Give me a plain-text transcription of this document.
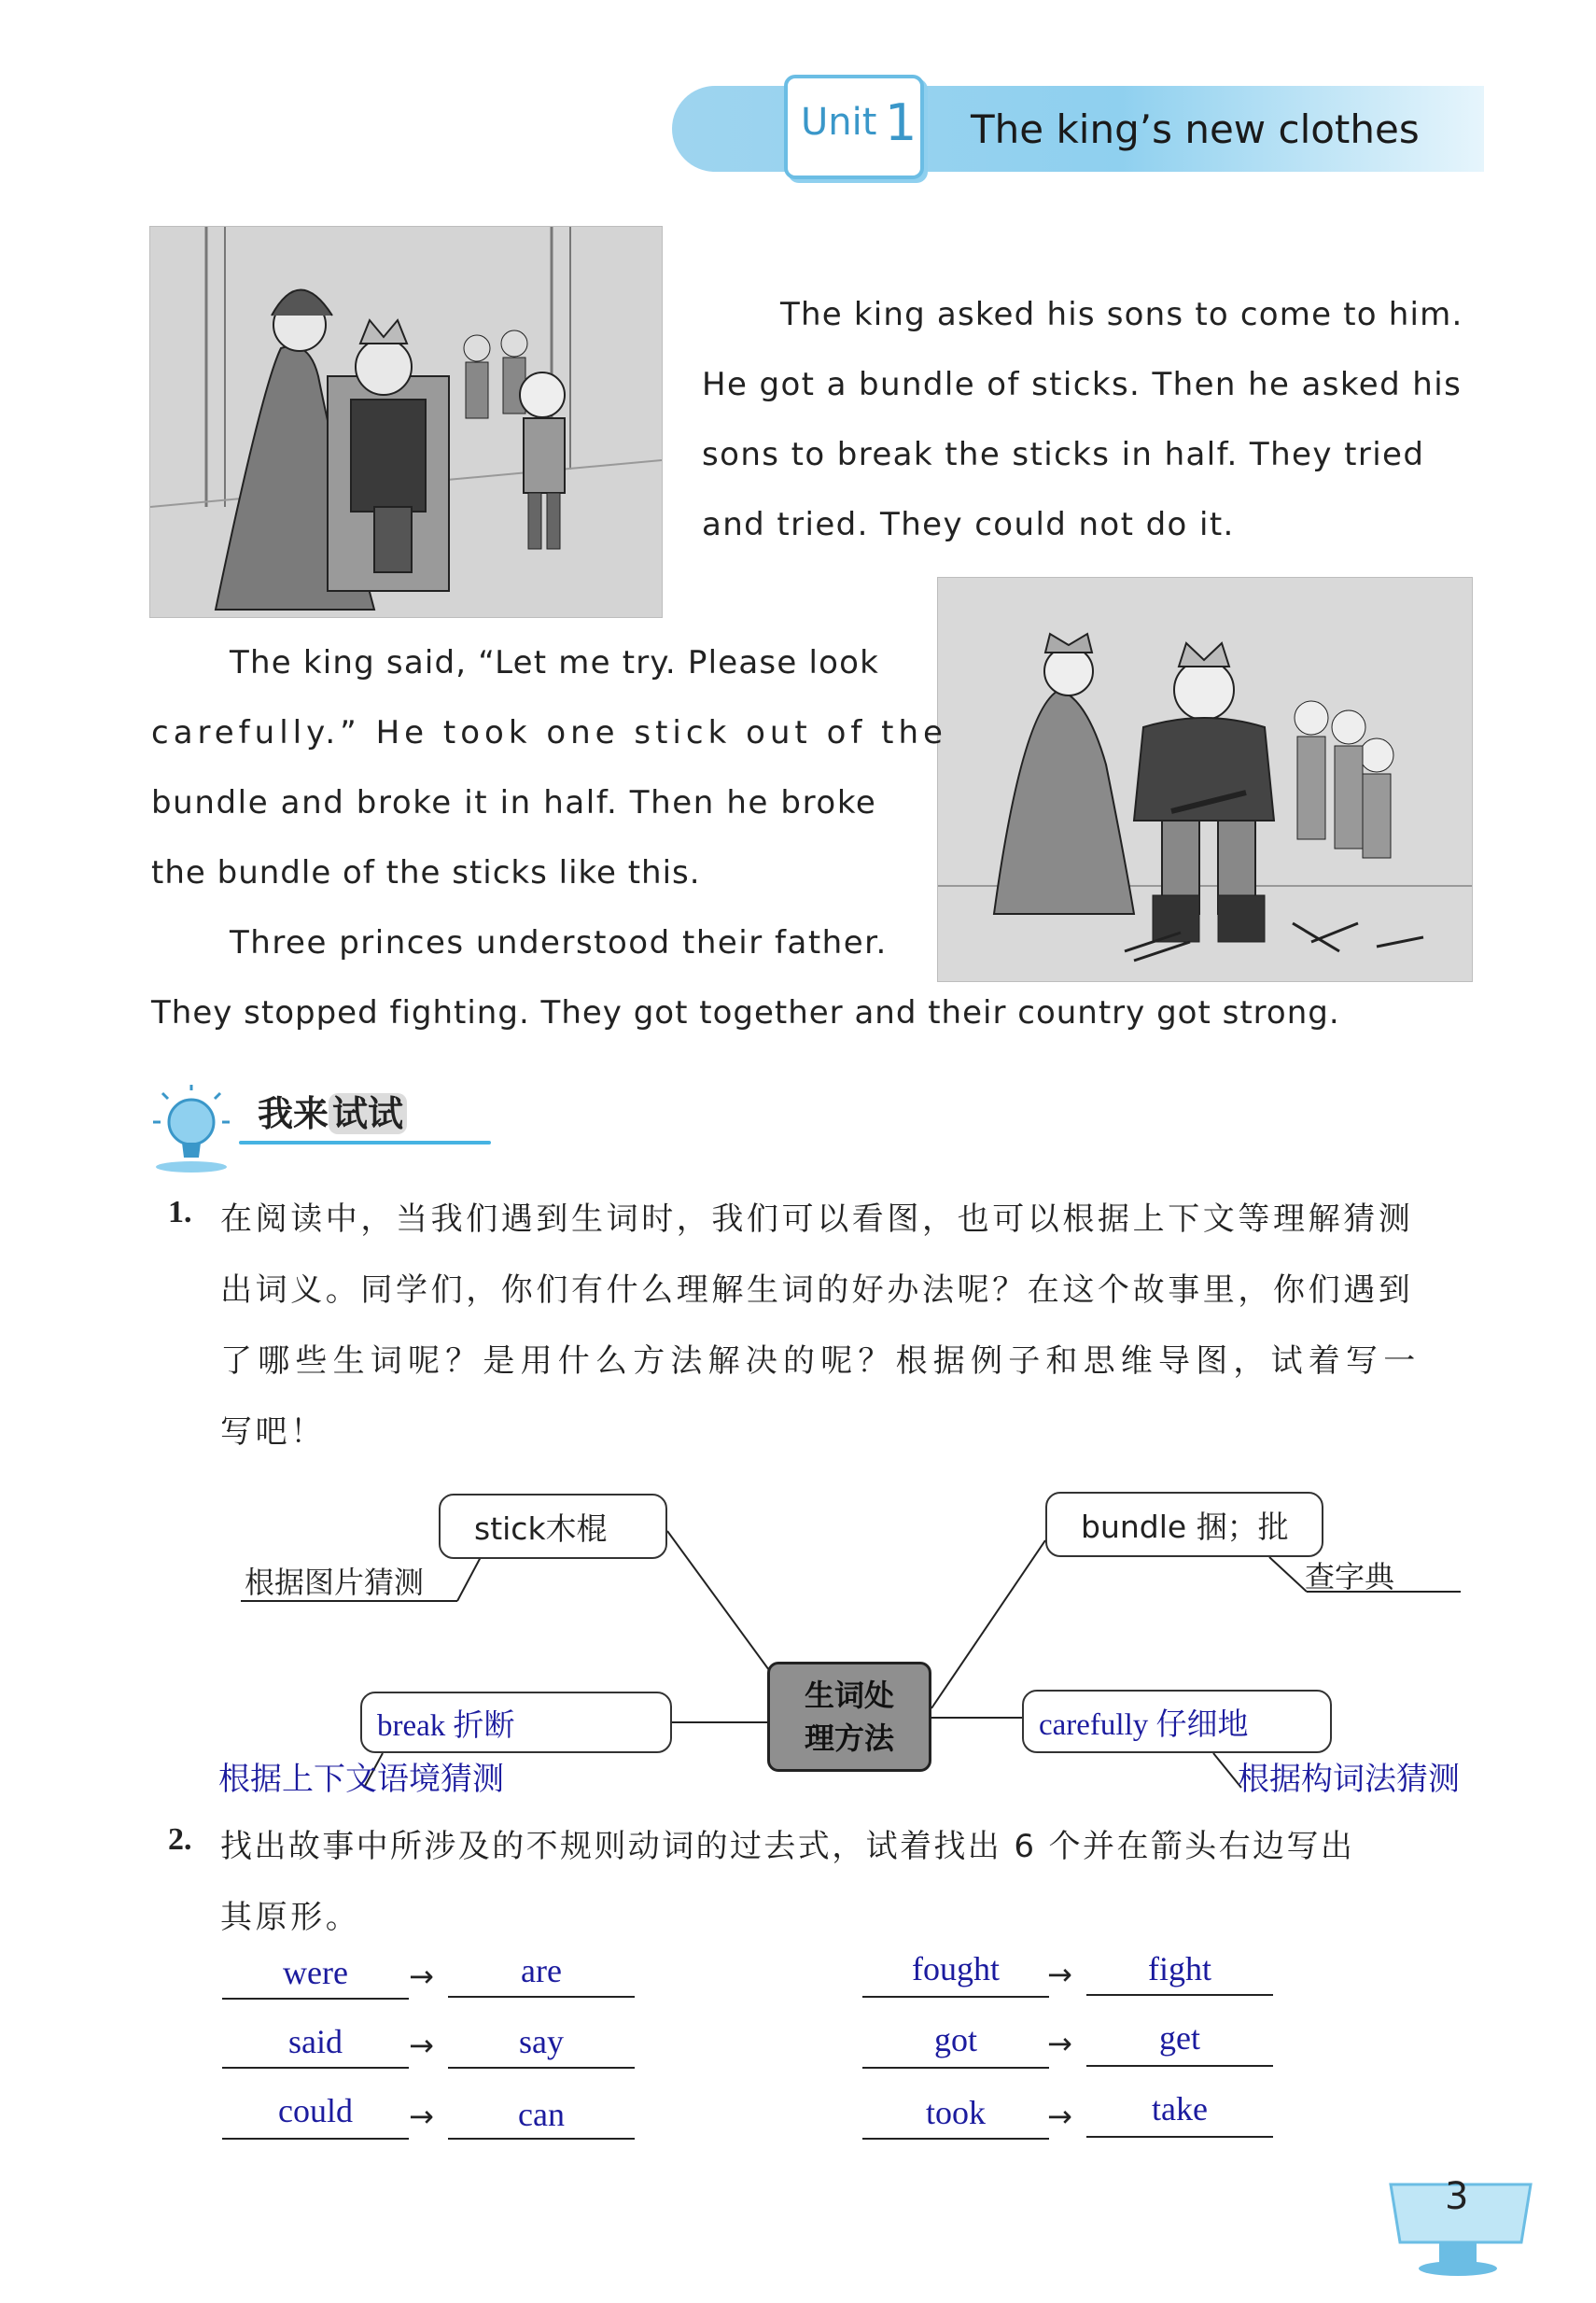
Unit 1 The king’s new clothes
The king asked his sons to come to him.
He got a bundle of sticks. Then he asked his
sons to break the sticks in half. They tried
and tried. They could not do it.
The king said, “Let me try. Please look
carefully.” He took one stick out of the
bundle and broke it in half. Then he broke
the bundle of the sticks like this.
Three princes understood their father.
They stopped fighting. They got together and their country got strong.
我来 试试
1. 在阅读中，当我们遇到生词时，我们可以看图，也可以根据上下文等理解猜测
出词义。同学们，你们有什么理解生词的好办法呢？在这个故事里，你们遇到
了哪些生词呢？是用什么方法解决的呢？根据例子和思维导图，试着写一
写吧！
stick木棍	bundle 捆；批
break 折断	carefully 仔细地
生词处
理方法
根据图片猜测	查字典
根据上下文语境猜测	根据构词法猜测
2. 找出故事中所涉及的不规则动词的过去式，试着找出 6 个并在箭头右边写出
其原形。
were	→	are
said	→	say
could	→	can
fought	→	fight
got	→	get
took	→	take
3
